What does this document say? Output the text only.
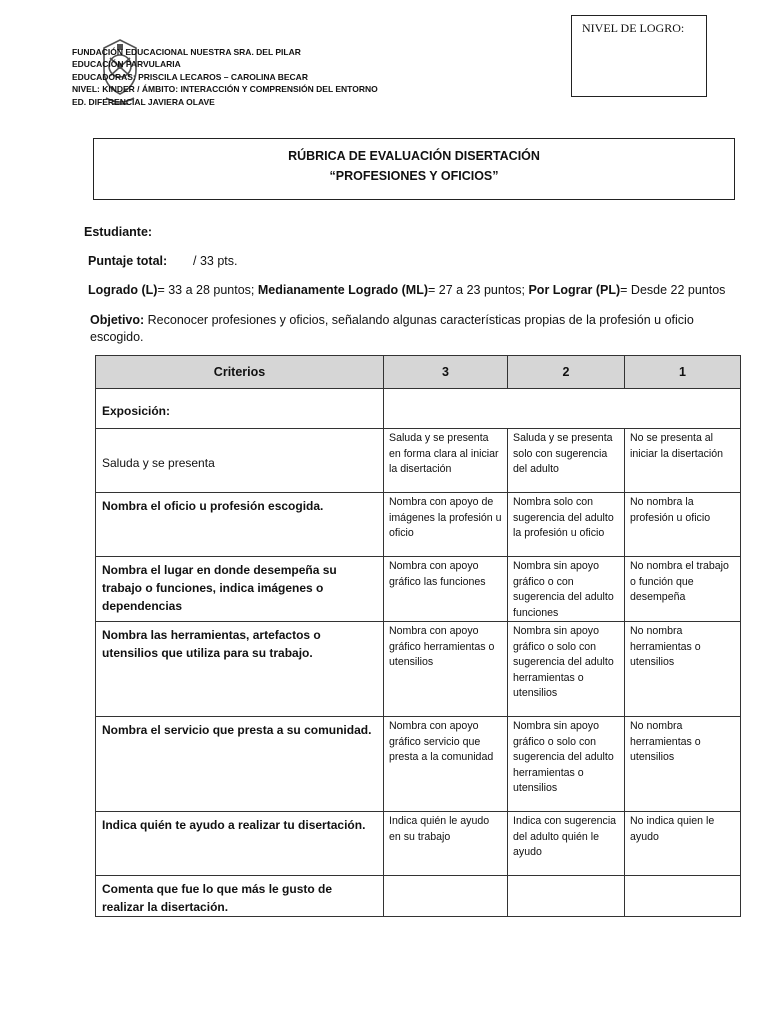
FUNDACIÓN EDUCACIONAL NUESTRA SRA. DEL PILAR
EDUCACIÓN PARVULARIA
EDUCADORAS: PRISCILA LECAROS – CAROLINA BECAR
NIVEL: KINDER / ÁMBITO: INTERACCIÓN Y COMPRENSIÓN DEL ENTORNO
ED. DIFERENCIAL JAVIERA OLAVE
NIVEL DE LOGRO:
RÚBRICA DE EVALUACIÓN DISERTACIÓN
“PROFESIONES Y OFICIOS”
Estudiante:
Puntaje total: / 33 pts.
Logrado (L)= 33 a 28 puntos; Medianamente Logrado (ML)= 27 a 23 puntos; Por Lograr (PL)= Desde 22 puntos
Objetivo: Reconocer profesiones y oficios, señalando algunas características propias de la profesión u oficio escogido.
Criterios	3	2	1
Exposición:			
Saluda y se presenta	Saluda y se presenta en forma clara al iniciar la disertación	Saluda y se presenta solo con sugerencia del adulto	No se presenta al iniciar la disertación
Nombra el oficio u profesión escogida.	Nombra con apoyo de imágenes la profesión u oficio	Nombra solo con sugerencia del adulto la profesión u oficio	No nombra la profesión u oficio
Nombra el lugar en donde desempeña su trabajo o funciones, indica imágenes o dependencias	Nombra con apoyo gráfico las funciones	Nombra sin apoyo gráfico o con sugerencia del adulto funciones	No nombra el trabajo o función que desempeña
Nombra las herramientas, artefactos o utensilios que utiliza para su trabajo.	Nombra con apoyo gráfico herramientas o utensilios	Nombra sin apoyo gráfico o solo con sugerencia del adulto herramientas o utensilios	No nombra herramientas o utensilios
Nombra el servicio que presta a su comunidad.	Nombra con apoyo gráfico servicio que presta a la comunidad	Nombra sin apoyo gráfico o solo con sugerencia del adulto herramientas o utensilios	No nombra herramientas o utensilios
Indica quién te ayudo a realizar tu disertación.	Indica quién le ayudo en su trabajo	Indica con sugerencia del adulto quién le ayudo	No indica quien le ayudo
Comenta que fue lo que más le gusto de realizar la disertación.			
